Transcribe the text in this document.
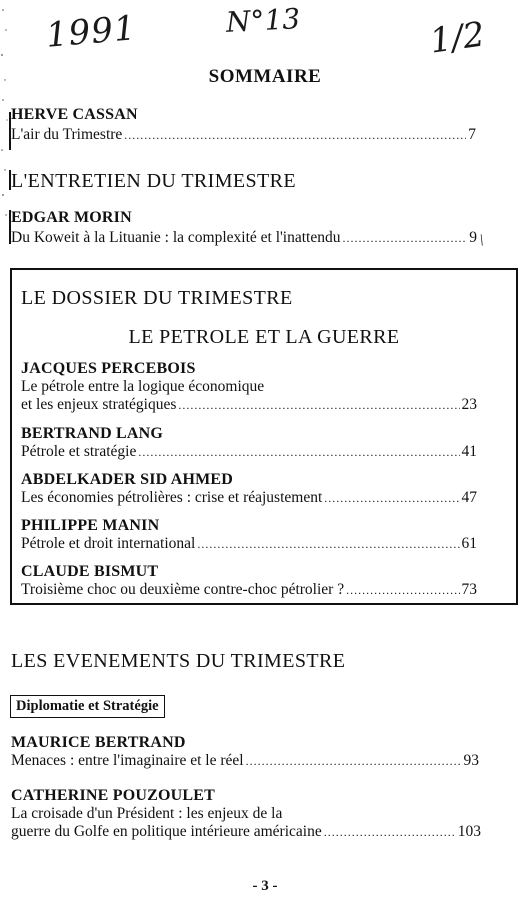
1991	N°13	1/2
SOMMAIRE
HERVE CASSAN
L'air du Trimestre .....	7
L'ENTRETIEN DU TRIMESTRE
EDGAR MORIN
Du Koweit à la Lituanie : la complexité et l'inattendu .....	9 /
LE DOSSIER DU TRIMESTRE
LE PETROLE ET LA GUERRE
JACQUES PERCEBOIS
Le pétrole entre la logique économique
et les enjeux stratégiques .....	23
BERTRAND LANG
Pétrole et stratégie .....	41
ABDELKADER SID AHMED
Les économies pétrolières : crise et réajustement .....	47
PHILIPPE MANIN
Pétrole et droit international .....	61
CLAUDE BISMUT
Troisième choc ou deuxième contre-choc pétrolier ? .....	73
LES EVENEMENTS DU TRIMESTRE
Diplomatie et Stratégie
MAURICE BERTRAND
Menaces : entre l'imaginaire et le réel .....	93
CATHERINE POUZOULET
La croisade d'un Président : les enjeux de la
guerre du Golfe en politique intérieure américaine .....	103
- 3 -
